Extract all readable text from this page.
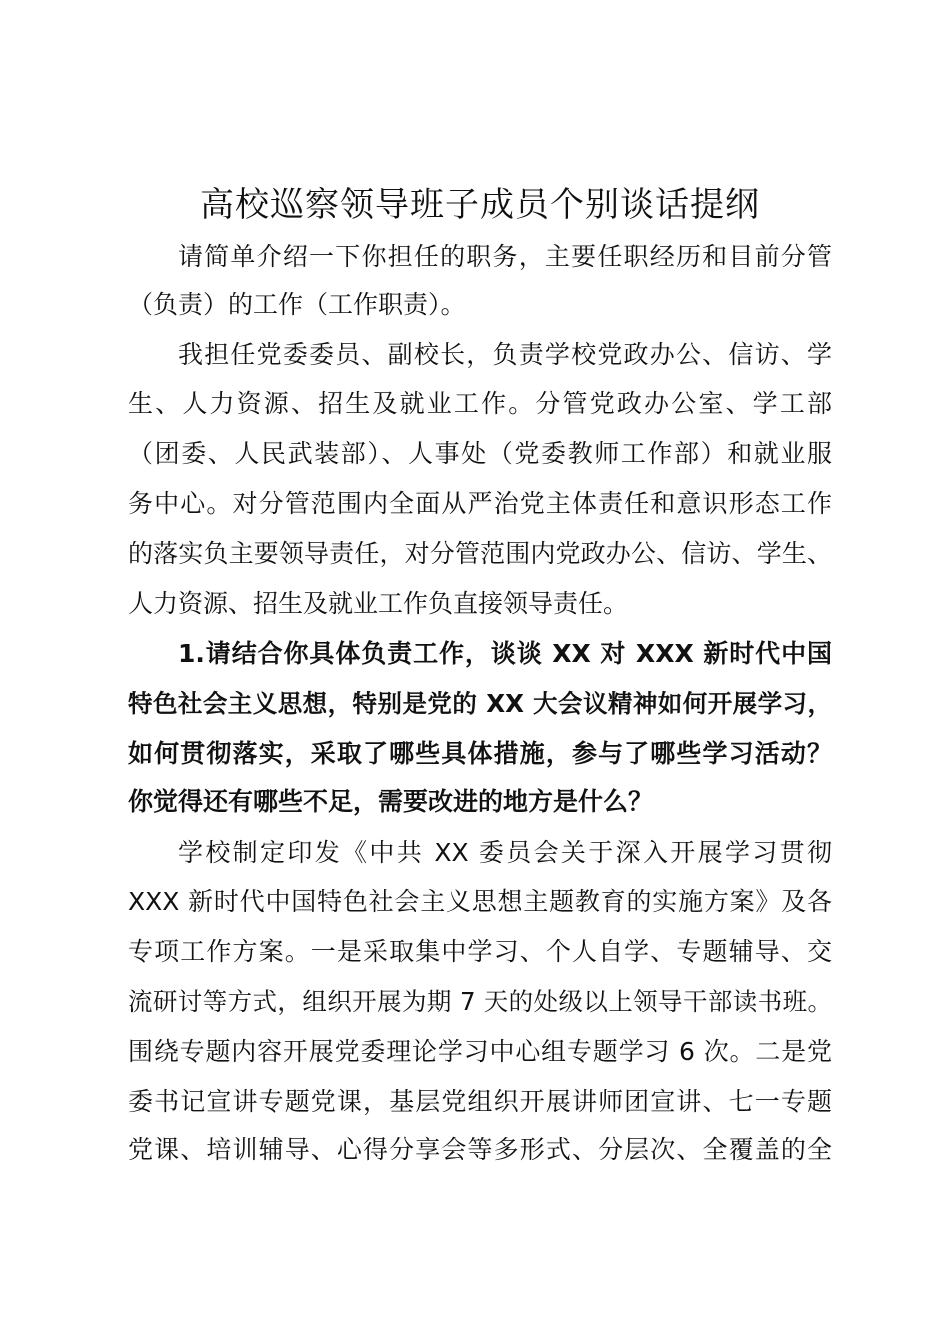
高校巡察领导班子成员个别谈话提纲
请简单介绍一下你担任的职务，主要任职经历和目前分管
（负责）的工作（工作职责）。
我担任党委委员、副校长，负责学校党政办公、信访、学
生、人力资源、招生及就业工作。分管党政办公室、学工部
（团委、人民武装部）、人事处（党委教师工作部）和就业服
务中心。对分管范围内全面从严治党主体责任和意识形态工作
的落实负主要领导责任，对分管范围内党政办公、信访、学生、
人力资源、招生及就业工作负直接领导责任。
1.请结合你具体负责工作，谈谈 XX 对 XXX 新时代中国
特色社会主义思想，特别是党的 XX 大会议精神如何开展学习，
如何贯彻落实，采取了哪些具体措施，参与了哪些学习活动？
你觉得还有哪些不足，需要改进的地方是什么？
学校制定印发《中共 XX 委员会关于深入开展学习贯彻
XXX 新时代中国特色社会主义思想主题教育的实施方案》及各
专项工作方案。一是采取集中学习、个人自学、专题辅导、交
流研讨等方式，组织开展为期 7 天的处级以上领导干部读书班。
围绕专题内容开展党委理论学习中心组专题学习 6 次。二是党
委书记宣讲专题党课，基层党组织开展讲师团宣讲、七一专题
党课、培训辅导、心得分享会等多形式、分层次、全覆盖的全
